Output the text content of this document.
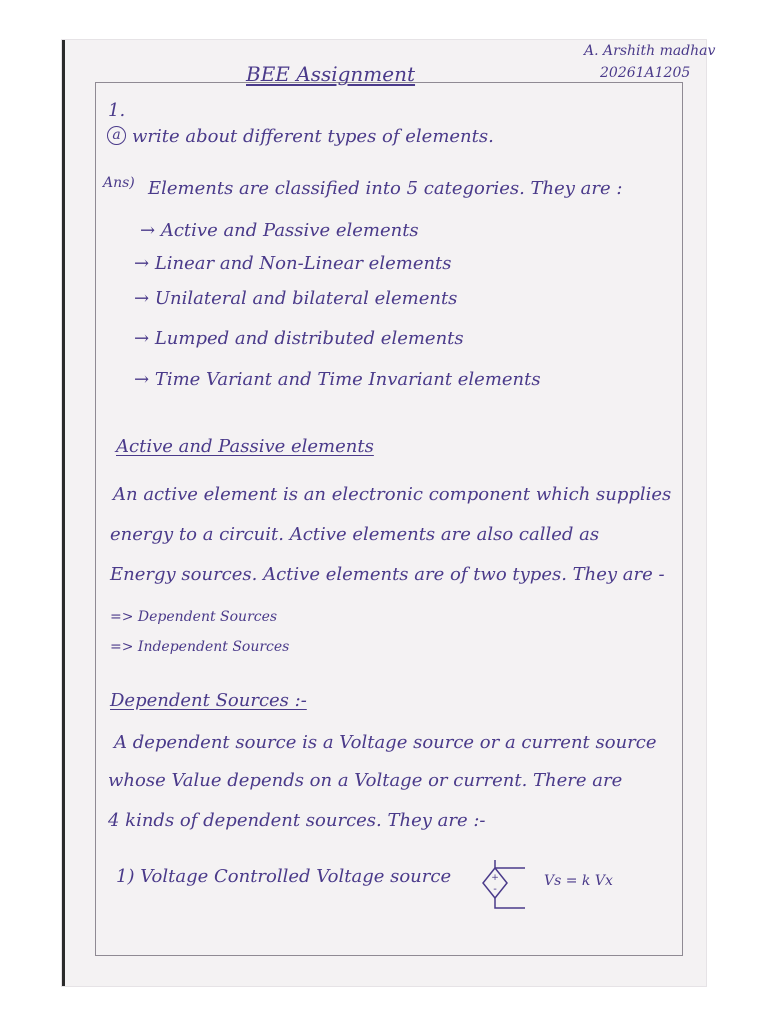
A. Arshith madhav
20261A1205
BEE Assignment
1.
a write about different types of elements.
Ans) Elements are classified into 5 categories. They are :
→ Active and Passive elements
→ Linear and Non-Linear elements
→ Unilateral and bilateral elements
→ Lumped and distributed elements
→ Time Variant and Time Invariant elements
Active and Passive elements
An active element is an electronic component which supplies
energy to a circuit. Active elements are also called as
Energy sources. Active elements are of two types. They are -
=> Dependent Sources
=> Independent Sources
Dependent Sources :-
A dependent source is a Voltage source or a current source
whose Value depends on a Voltage or current. There are
4 kinds of dependent sources. They are :-
1) Voltage Controlled Voltage source	+
-
Vs = k Vx
